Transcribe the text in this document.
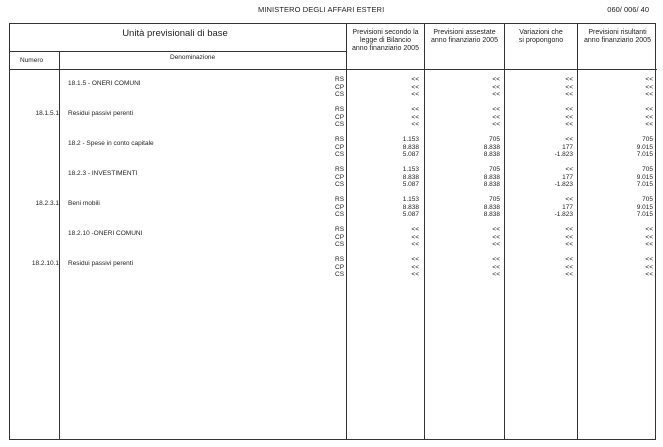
MINISTERO DEGLI AFFARI ESTERI	060/ 006/ 40
Unità previsionali di base
Numero	Denominazione
Previsioni secondo la
legge di Bilancio
anno finanziario 2005
Previsioni assestate
anno finanziario 2005
Variazioni che
si propongono
Previsioni risultanti
anno finanziario 2005
18.1.5 - ONERI COMUNI
RS
CP
CS
<<
<<
<<
<<
<<
<<
<<
<<
<<
<<
<<
<<
18.1.5.1 Residui passivi perenti
RS
CP
CS
<<
<<
<<
<<
<<
<<
<<
<<
<<
<<
<<
<<
18.2 - Spese in conto capitale
RS
CP
CS
1.153
8.838
5.087
705
8.838
8.838
<<
177
-1.823
705
9.015
7.015
18.2.3 - INVESTIMENTI
RS
CP
CS
1.153
8.838
5.087
705
8.838
8.838
<<
177
-1.823
705
9.015
7.015
18.2.3.1 Beni mobili
RS
CP
CS
1.153
8.838
5.087
705
8.838
8.838
<<
177
-1.823
705
9.015
7.015
18.2.10 -ONERI COMUNI
RS
CP
CS
<<
<<
<<
<<
<<
<<
<<
<<
<<
<<
<<
<<
18.2.10.1 Residui passivi perenti
RS
CP
CS
<<
<<
<<
<<
<<
<<
<<
<<
<<
<<
<<
<<
